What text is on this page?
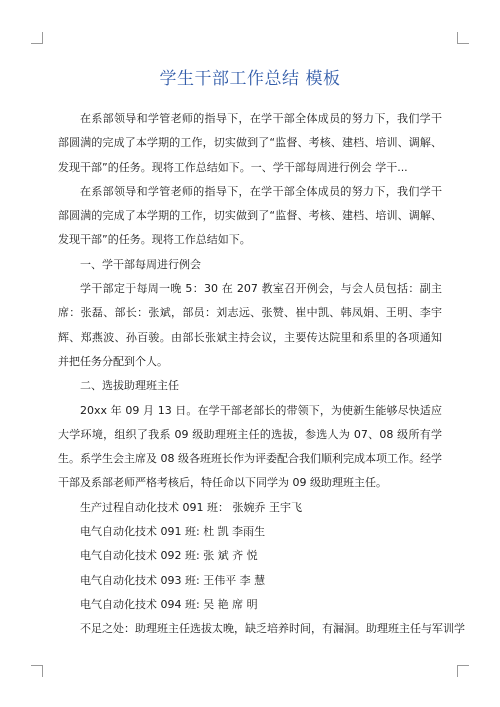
学生干部工作总结 模板

在系部领导和学管老师的指导下，在学干部全体成员的努力下，我们学干部圆满的完成了本学期的工作，切实做到了“监督、考核、建档、培训、调解、发现干部”的任务。现将工作总结如下。一、学干部每周进行例会 学干...

在系部领导和学管老师的指导下，在学干部全体成员的努力下，我们学干部圆满的完成了本学期的工作，切实做到了“监督、考核、建档、培训、调解、发现干部”的任务。现将工作总结如下。

一、学干部每周进行例会

学干部定于每周一晚 5：30 在 207 教室召开例会，与会人员包括：副主席：张磊、部长：张斌，部员：刘志远、张赞、崔中凯、韩凤娟、王明、李宇辉、郑燕波、孙百骏。由部长张斌主持会议，主要传达院里和系里的各项通知并把任务分配到个人。

二、选拔助理班主任

20xx 年 09 月 13 日。在学干部老部长的带领下，为使新生能够尽快适应大学环境，组织了我系 09 级助理班主任的选拔，参选人为 07、08 级所有学生。系学生会主席及 08 级各班班长作为评委配合我们顺利完成本项工作。经学干部及系部老师严格考核后，特任命以下同学为 09 级助理班主任。

生产过程自动化技术 091 班： 张婉乔 王宇飞

电气自动化技术 091 班: 杜 凯 李雨生

电气自动化技术 092 班: 张 斌 齐 悦

电气自动化技术 093 班: 王伟平 李 慧

电气自动化技术 094 班: 吴 艳 席 明

不足之处：助理班主任选拔太晚，缺乏培养时间，有漏洞。助理班主任与军训学
